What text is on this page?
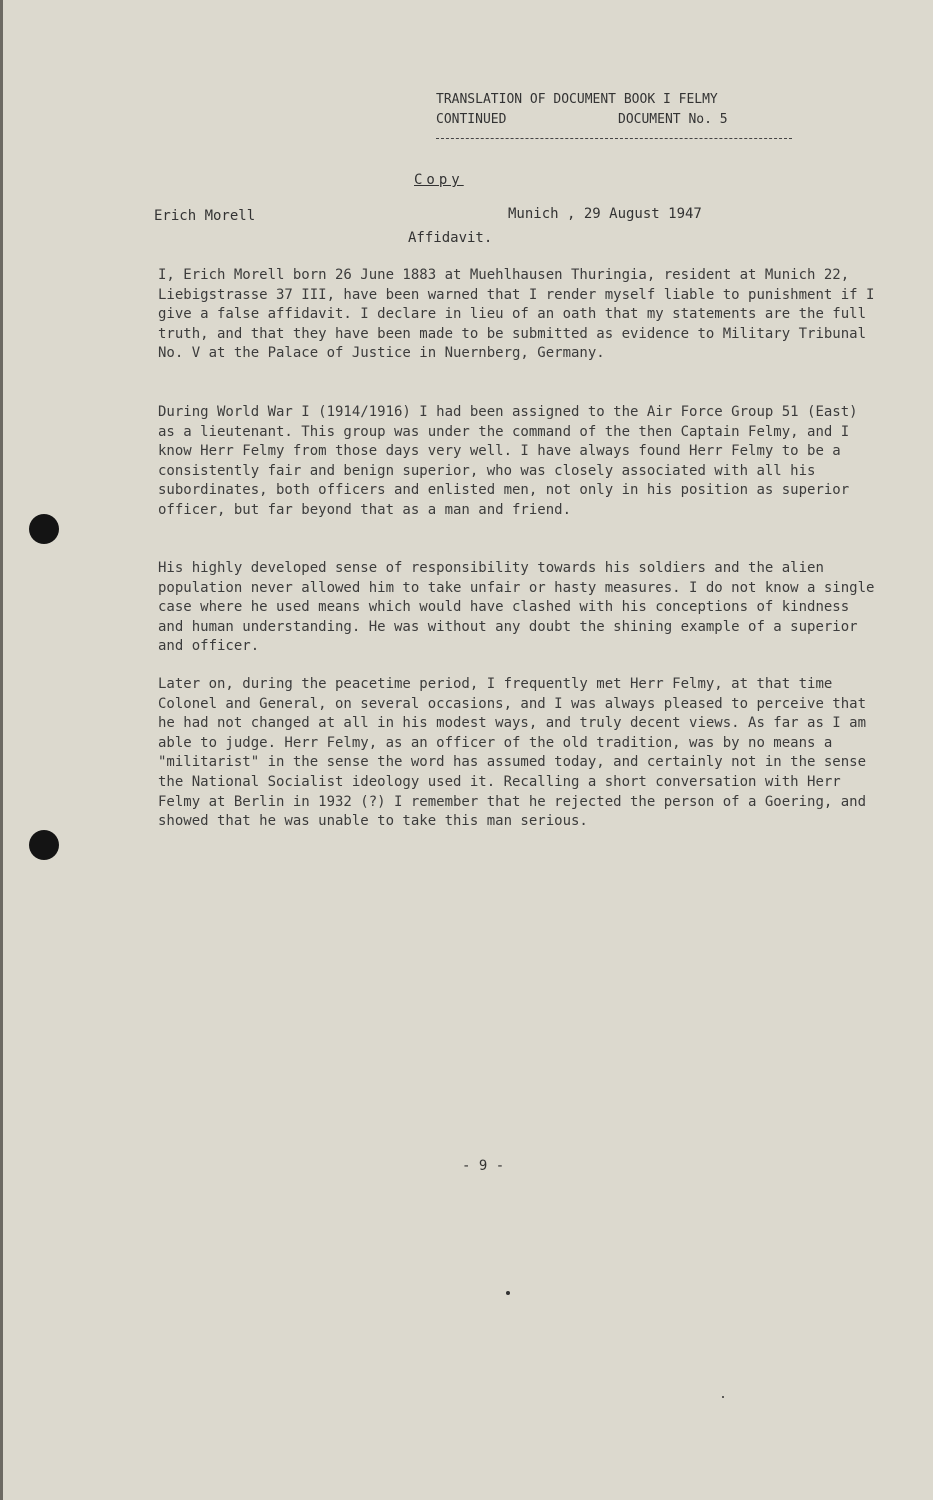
TRANSLATION OF DOCUMENT BOOK I FELMY
CONTINUED	DOCUMENT No. 5
Copy
Erich Morell	Munich , 29 August 1947
Affidavit.

I, Erich Morell born 26 June 1883 at Muehlhausen Thuringia, resident at Munich 22, Liebigstrasse 37 III, have been warned that I render myself liable to punishment if I give a false affidavit. I declare in lieu of an oath that my statements are the full truth, and that they have been made to be submitted as evidence to Military Tribunal No. V at the Palace of Justice in Nuernberg, Germany.

During World War I (1914/1916) I had been assigned to the Air Force Group 51 (East) as a lieutenant. This group was under the command of the then Captain Felmy, and I know Herr Felmy from those days very well. I have always found Herr Felmy to be a consistently fair and benign superior, who was closely associated with all his subordinates, both officers and enlisted men, not only in his position as superior officer, but far beyond that as a man and friend.

His highly developed sense of responsibility towards his soldiers and the alien population never allowed him to take unfair or hasty measures. I do not know a single case where he used means which would have clashed with his conceptions of kindness and human understanding. He was without any doubt the shining example of a superior and officer.

Later on, during the peacetime period, I frequently met Herr Felmy, at that time Colonel and General, on several occasions, and I was always pleased to perceive that he had not changed at all in his modest ways, and truly decent views. As far as I am able to judge. Herr Felmy, as an officer of the old tradition, was by no means a "militarist" in the sense the word has assumed today, and certainly not in the sense the National Socialist ideology used it. Recalling a short conversation with Herr Felmy at Berlin in 1932 (?) I remember that he rejected the person of a Goering, and showed that he was unable to take this man serious.

- 9 -
